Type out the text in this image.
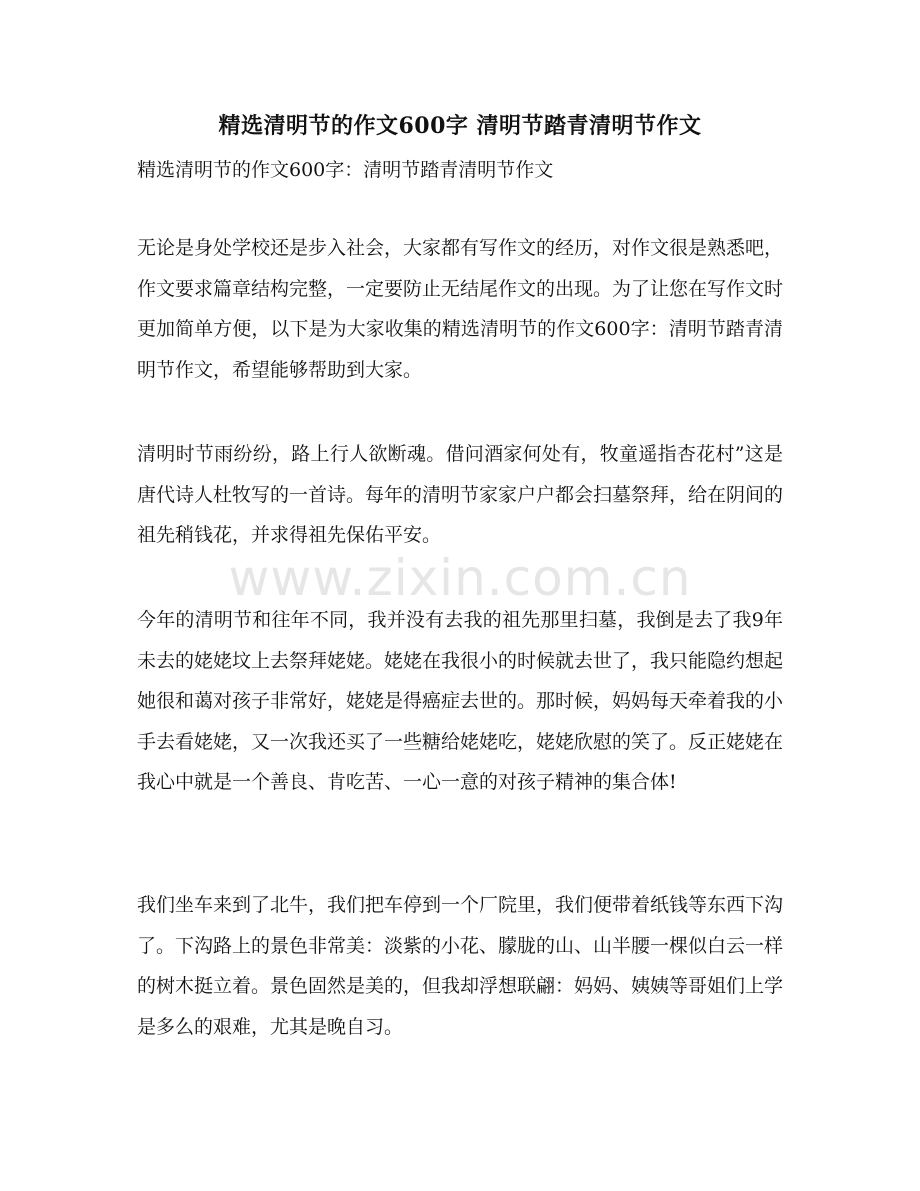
www.zixin.com.cn
精选清明节的作文600字 清明节踏青清明节作文
精选清明节的作文600字：清明节踏青清明节作文

无论是身处学校还是步入社会，大家都有写作文的经历，对作文很是熟悉吧，作文要求篇章结构完整，一定要防止无结尾作文的出现。为了让您在写作文时更加简单方便，以下是为大家收集的精选清明节的作文600字：清明节踏青清明节作文，希望能够帮助到大家。

清明时节雨纷纷，路上行人欲断魂。借问酒家何处有，牧童遥指杏花村”这是唐代诗人杜牧写的一首诗。每年的清明节家家户户都会扫墓祭拜，给在阴间的祖先稍钱花，并求得祖先保佑平安。

今年的清明节和往年不同，我并没有去我的祖先那里扫墓，我倒是去了我9年未去的姥姥坟上去祭拜姥姥。姥姥在我很小的时候就去世了，我只能隐约想起她很和蔼对孩子非常好，姥姥是得癌症去世的。那时候，妈妈每天牵着我的小手去看姥姥，又一次我还买了一些糖给姥姥吃，姥姥欣慰的笑了。反正姥姥在我心中就是一个善良、肯吃苦、一心一意的对孩子精神的集合体!

我们坐车来到了北牛，我们把车停到一个厂院里，我们便带着纸钱等东西下沟了。下沟路上的景色非常美：淡紫的小花、朦胧的山、山半腰一棵似白云一样的树木挺立着。景色固然是美的，但我却浮想联翩：妈妈、姨姨等哥姐们上学是多么的艰难，尤其是晚自习。
